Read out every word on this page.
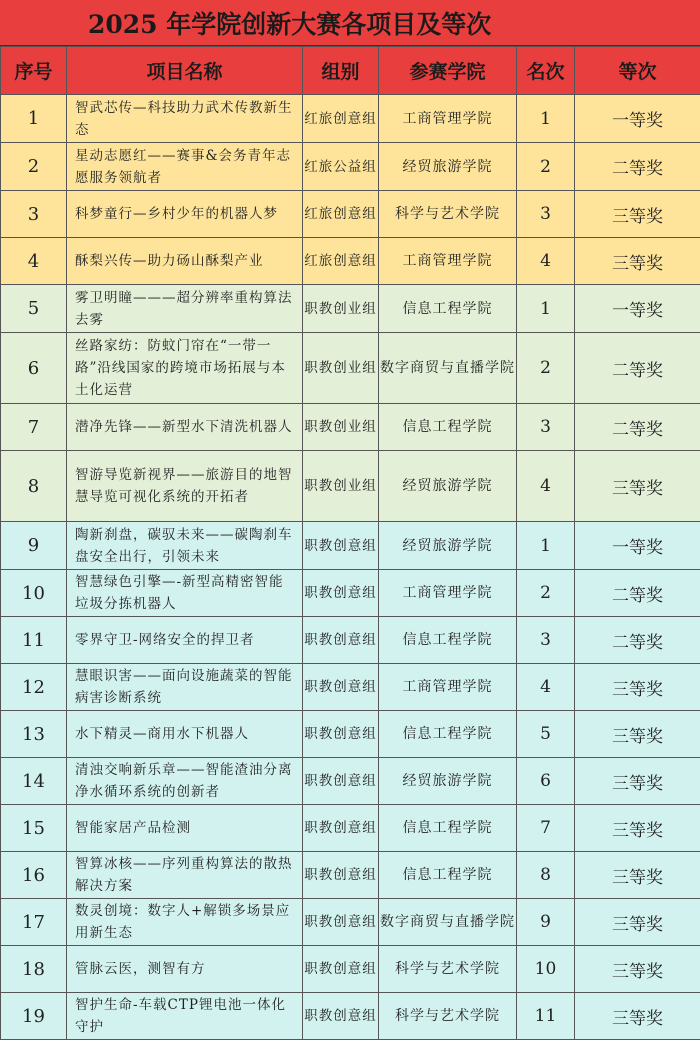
2025 年学院创新大赛各项目及等次
序号	项目名称	组别	参赛学院	名次	等次
1	智武芯传—科技助力武术传教新生态	红旅创意组	工商管理学院	1	一等奖
2	星动志愿红——赛事&会务青年志愿服务领航者	红旅公益组	经贸旅游学院	2	二等奖
3	科梦童行—乡村少年的机器人梦	红旅创意组	科学与艺术学院	3	三等奖
4	酥梨兴传—助力砀山酥梨产业	红旅创意组	工商管理学院	4	三等奖
5	雾卫明瞳———超分辨率重构算法去雾	职教创业组	信息工程学院	1	一等奖
6	丝路家纺：防蚊门帘在“一带一路”沿线国家的跨境市场拓展与本土化运营	职教创业组	数字商贸与直播学院	2	二等奖
7	潜净先锋——新型水下清洗机器人	职教创业组	信息工程学院	3	二等奖
8	智游导览新视界——旅游目的地智慧导览可视化系统的开拓者	职教创业组	经贸旅游学院	4	三等奖
9	陶新刹盘，碳驭未来——碳陶刹车盘安全出行，引领未来	职教创意组	经贸旅游学院	1	一等奖
10	智慧绿色引擎—-新型高精密智能垃圾分拣机器人	职教创意组	工商管理学院	2	二等奖
11	零界守卫-网络安全的捍卫者	职教创意组	信息工程学院	3	二等奖
12	慧眼识害——面向设施蔬菜的智能病害诊断系统	职教创意组	工商管理学院	4	三等奖
13	水下精灵—商用水下机器人	职教创意组	信息工程学院	5	三等奖
14	清浊交响新乐章——智能渣油分离净水循环系统的创新者	职教创意组	经贸旅游学院	6	三等奖
15	智能家居产品检测	职教创意组	信息工程学院	7	三等奖
16	智算冰核——序列重构算法的散热解决方案	职教创意组	信息工程学院	8	三等奖
17	数灵创境：数字人+解锁多场景应用新生态	职教创意组	数字商贸与直播学院	9	三等奖
18	管脉云医，测智有方	职教创意组	科学与艺术学院	10	三等奖
19	智护生命-车载CTP锂电池一体化守护	职教创意组	科学与艺术学院	11	三等奖
